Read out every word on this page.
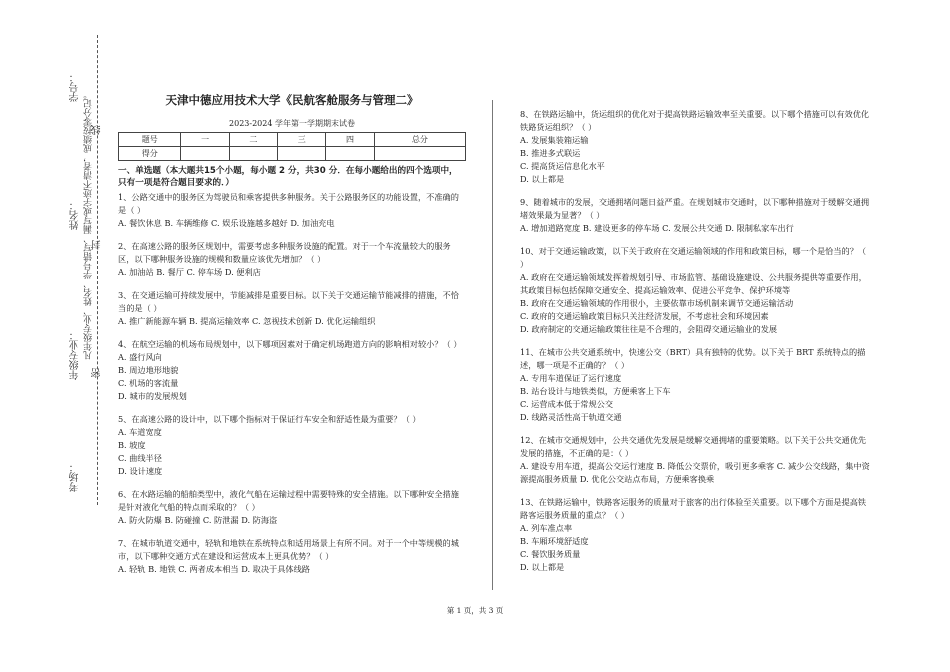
学号：
姓名：
年级专业：
考场：
凡年级专业、姓名、学号错写、漏写或字迹不清者，成绩按零分记。
线
封
密
天津中德应用技术大学《民航客舱服务与管理二》
2023-2024 学年第一学期期末试卷
题号	一	二	三	四	总分
得分					
一、单选题（本大题共15个小题，每小题 2 分，共30 分．在每小题给出的四个选项中，只有一项是符合题目要求的．）

1、公路交通中的服务区为驾驶员和乘客提供多种服务。关于公路服务区的功能设置，不准确的是（ ）

A. 餐饮休息 B. 车辆维修 C. 娱乐设施越多越好 D. 加油充电

2、在高速公路的服务区规划中，需要考虑多种服务设施的配置。对于一个车流量较大的服务区，以下哪种服务设施的规模和数量应该优先增加？（ ）

A. 加油站 B. 餐厅 C. 停车场 D. 便利店

3、在交通运输可持续发展中，节能减排是重要目标。以下关于交通运输节能减排的措施，不恰当的是（ ）

A. 推广新能源车辆 B. 提高运输效率 C. 忽视技术创新 D. 优化运输组织

4、在航空运输的机场布局规划中，以下哪项因素对于确定机场跑道方向的影响相对较小？（ ）

A. 盛行风向

B. 周边地形地貌

C. 机场的客流量

D. 城市的发展规划

5、在高速公路的设计中，以下哪个指标对于保证行车安全和舒适性最为重要？（ ）

A. 车道宽度

B. 坡度

C. 曲线半径

D. 设计速度

6、在水路运输的船舶类型中，液化气船在运输过程中需要特殊的安全措施。以下哪种安全措施是针对液化气船的特点而采取的？（ ）

A. 防火防爆 B. 防碰撞 C. 防泄漏 D. 防海盗

7、在城市轨道交通中，轻轨和地铁在系统特点和适用场景上有所不同。对于一个中等规模的城市，以下哪种交通方式在建设和运营成本上更具优势？（ ）

A. 轻轨 B. 地铁 C. 两者成本相当 D. 取决于具体线路

8、在铁路运输中，货运组织的优化对于提高铁路运输效率至关重要。以下哪个措施可以有效优化铁路货运组织？（ ）

A. 发展集装箱运输

B. 推进多式联运

C. 提高货运信息化水平

D. 以上都是

9、随着城市的发展，交通拥堵问题日益严重。在规划城市交通时，以下哪种措施对于缓解交通拥堵效果最为显著？（ ）

A. 增加道路宽度 B. 建设更多的停车场 C. 发展公共交通 D. 限制私家车出行

10、对于交通运输政策，以下关于政府在交通运输领域的作用和政策目标，哪一个是恰当的？（ ）

A. 政府在交通运输领域发挥着规划引导、市场监管、基础设施建设、公共服务提供等重要作用，其政策目标包括保障交通安全、提高运输效率、促进公平竞争、保护环境等

B. 政府在交通运输领域的作用很小，主要依靠市场机制来调节交通运输活动

C. 政府的交通运输政策目标只关注经济发展，不考虑社会和环境因素

D. 政府制定的交通运输政策往往是不合理的，会阻碍交通运输业的发展

11、在城市公共交通系统中，快速公交（BRT）具有独特的优势。以下关于 BRT 系统特点的描述，哪一项是不正确的？（ ）

A. 专用车道保证了运行速度

B. 站台设计与地铁类似，方便乘客上下车

C. 运营成本低于常规公交

D. 线路灵活性高于轨道交通

12、在城市交通规划中，公共交通优先发展是缓解交通拥堵的重要策略。以下关于公共交通优先发展的措施，不正确的是：（ ）

A. 建设专用车道，提高公交运行速度 B. 降低公交票价，吸引更多乘客 C. 减少公交线路，集中资源提高服务质量 D. 优化公交站点布局，方便乘客换乘

13、在铁路运输中，铁路客运服务的质量对于旅客的出行体验至关重要。以下哪个方面是提高铁路客运服务质量的重点？（ ）

A. 列车准点率

B. 车厢环境舒适度

C. 餐饮服务质量

D. 以上都是

第 1 页，共 3 页
